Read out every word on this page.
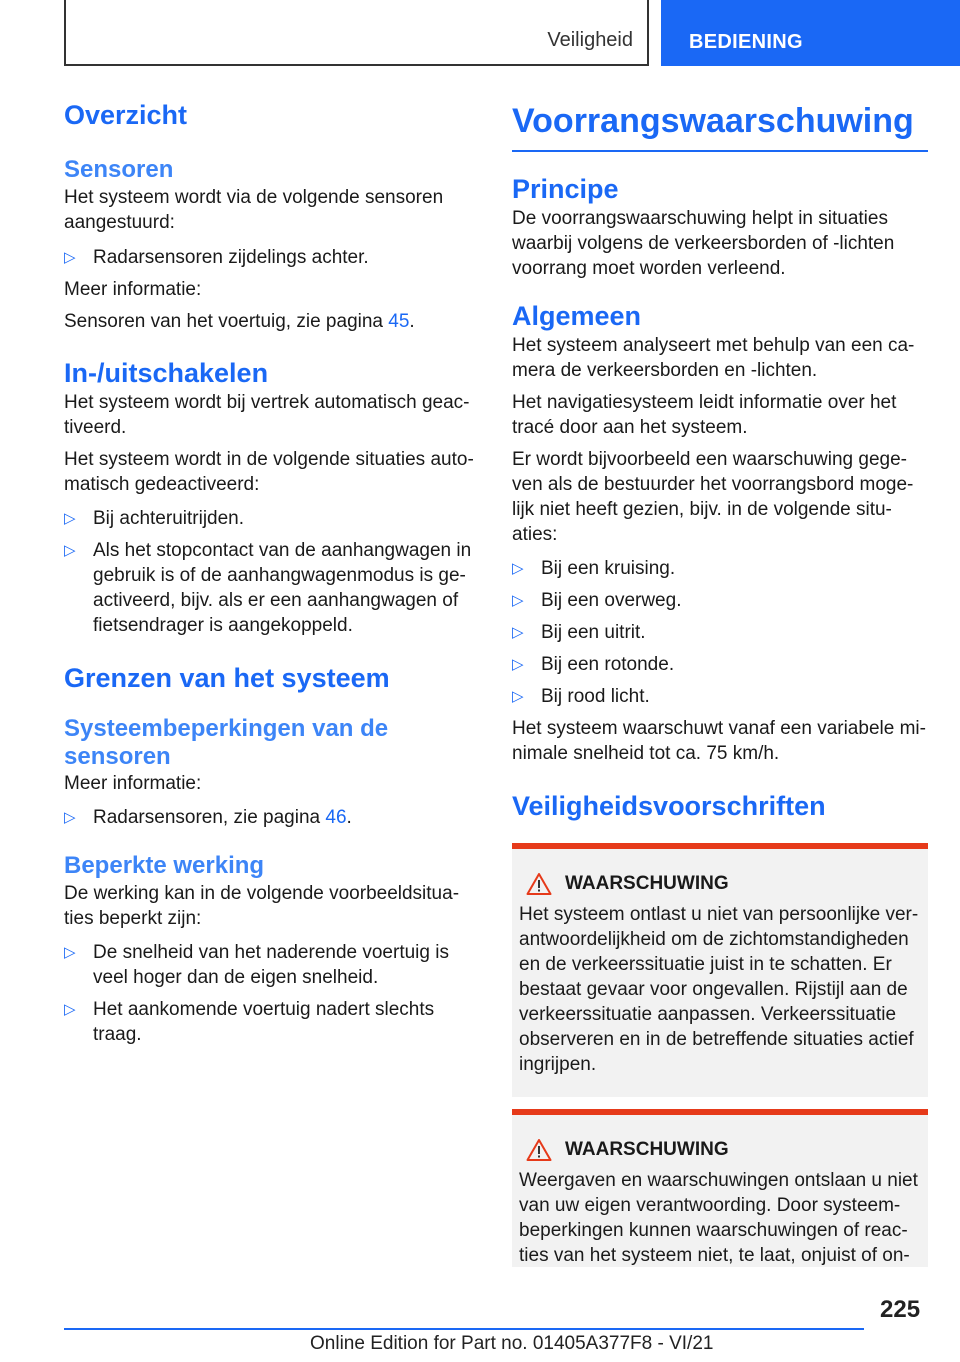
Veiligheid	BEDIENING
Overzicht
Sensoren

Het systeem wordt via de volgende sensoren aangestuurd:

▷ Radarsensoren zijdelings achter.

Meer informatie:

Sensoren van het voertuig, zie pagina 45.

In-/uitschakelen

Het systeem wordt bij vertrek automatisch geac-tiveerd.

Het systeem wordt in de volgende situaties auto-matisch gedeactiveerd:

▷ Bij achteruitrijden.
▷ Als het stopcontact van de aanhangwagen in gebruik is of de aanhangwagenmodus is ge-activeerd, bijv. als er een aanhangwagen of fietsendrager is aangekoppeld.
Grenzen van het systeem
Systeembeperkingen van de sensoren

Meer informatie:

▷ Radarsensoren, zie pagina 46.
Beperkte werking

De werking kan in de volgende voorbeeldsitua-ties beperkt zijn:

▷ De snelheid van het naderende voertuig is veel hoger dan de eigen snelheid.
▷ Het aankomende voertuig nadert slechts traag.
Voorrangswaarschuwing
Principe

De voorrangswaarschuwing helpt in situaties waarbij volgens de verkeersborden of -lichten voorrang moet worden verleend.

Algemeen

Het systeem analyseert met behulp van een ca-mera de verkeersborden en -lichten.

Het navigatiesysteem leidt informatie over het tracé door aan het systeem.

Er wordt bijvoorbeeld een waarschuwing gege-ven als de bestuurder het voorrangsbord moge-lijk niet heeft gezien, bijv. in de volgende situ-aties:

▷ Bij een kruising.
▷ Bij een overweg.
▷ Bij een uitrit.
▷ Bij een rotonde.
▷ Bij rood licht.

Het systeem waarschuwt vanaf een variabele mi-nimale snelheid tot ca. 75 km/h.

Veiligheidsvoorschriften
WAARSCHUWING

Het systeem ontlast u niet van persoonlijke ver-antwoordelijkheid om de zichtomstandigheden en de verkeerssituatie juist in te schatten. Er bestaat gevaar voor ongevallen. Rijstijl aan de verkeerssituatie aanpassen. Verkeerssituatie observeren en in de betreffende situaties actief ingrijpen.

WAARSCHUWING

Weergaven en waarschuwingen ontslaan u niet van uw eigen verantwoording. Door systeem-beperkingen kunnen waarschuwingen of reac-ties van het systeem niet, te laat, onjuist of on-

225
Online Edition for Part no. 01405A377F8 - VI/21
